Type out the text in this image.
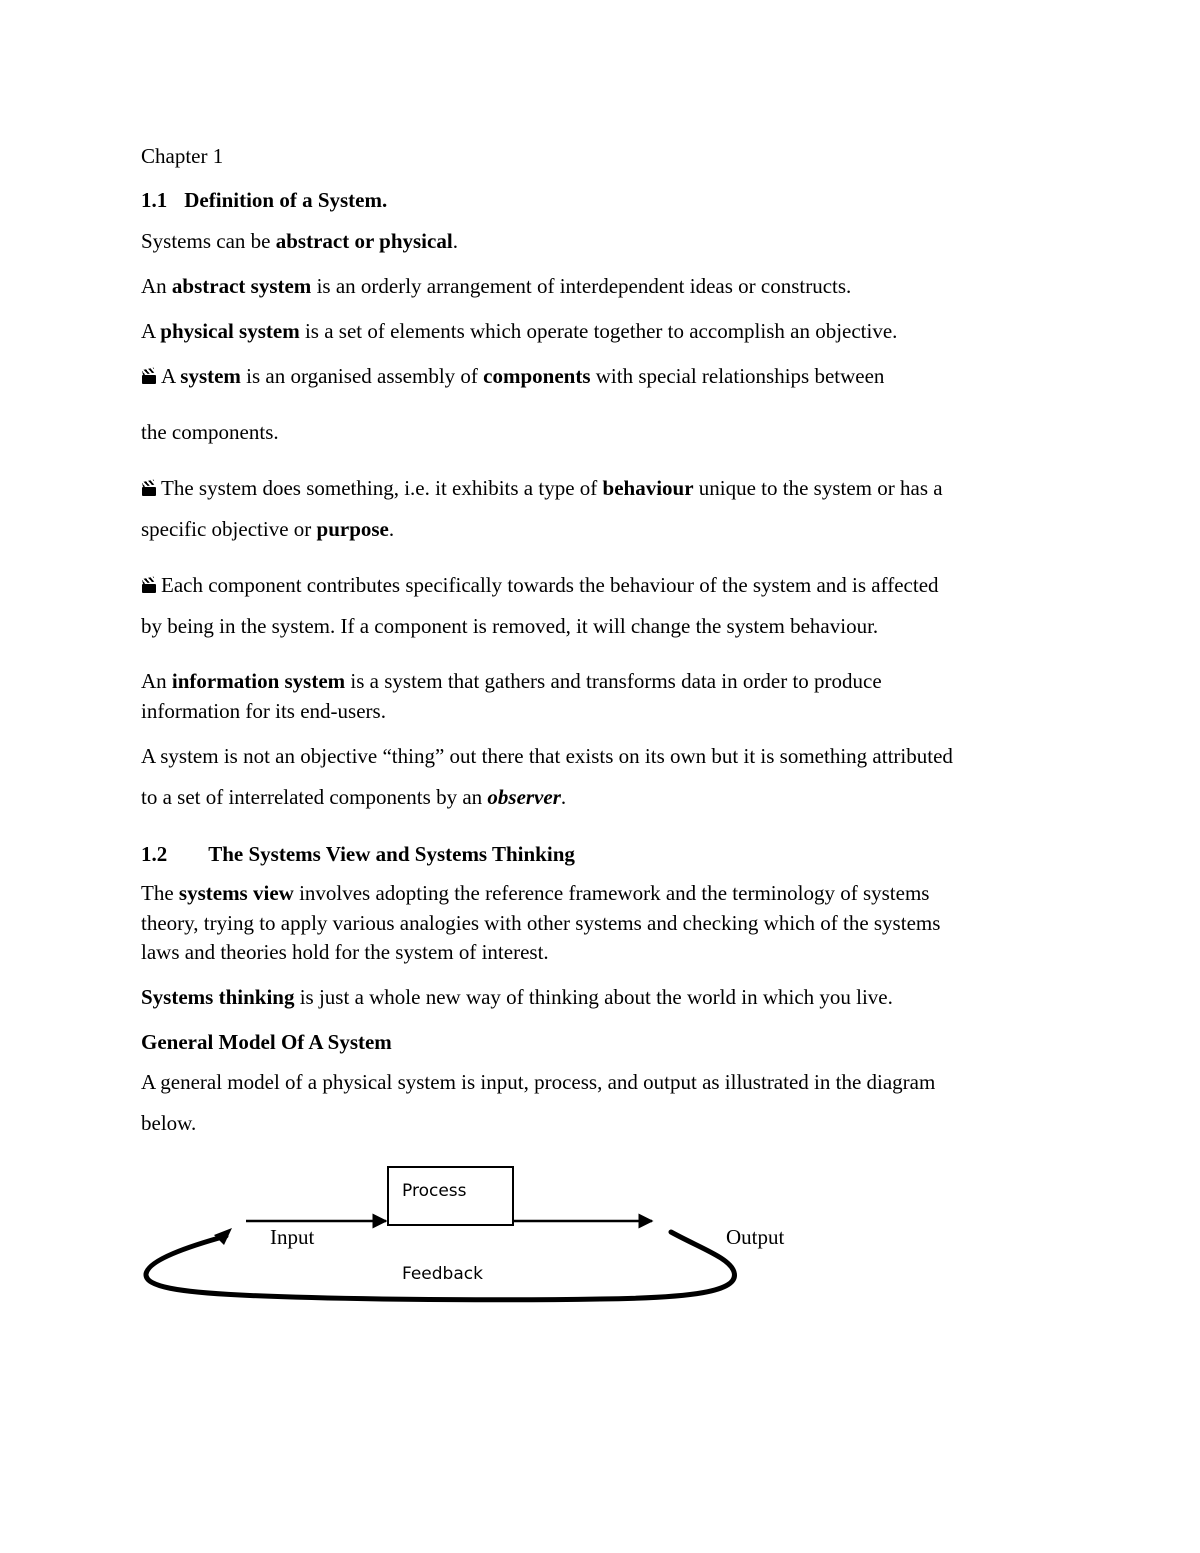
Chapter 1

1.1 Definition of a System.

Systems can be abstract or physical.

An abstract system is an orderly arrangement of interdependent ideas or constructs.

A physical system is a set of elements which operate together to accomplish an objective.

A system is an organised assembly of components with special relationships between

the components.

The system does something, i.e. it exhibits a type of behaviour unique to the system or has a

specific objective or purpose.

Each component contributes specifically towards the behaviour of the system and is affected

by being in the system. If a component is removed, it will change the system behaviour.

An information system is a system that gathers and transforms data in order to produce

information for its end-users.

A system is not an objective “thing” out there that exists on its own but it is something attributed

to a set of interrelated components by an observer.

1.2 The Systems View and Systems Thinking

The systems view involves adopting the reference framework and the terminology of systems

theory, trying to apply various analogies with other systems and checking which of the systems

laws and theories hold for the system of interest.

Systems thinking is just a whole new way of thinking about the world in which you live.

General Model Of A System

A general model of a physical system is input, process, and output as illustrated in the diagram

below.

Process
Input	Output
Feedback
